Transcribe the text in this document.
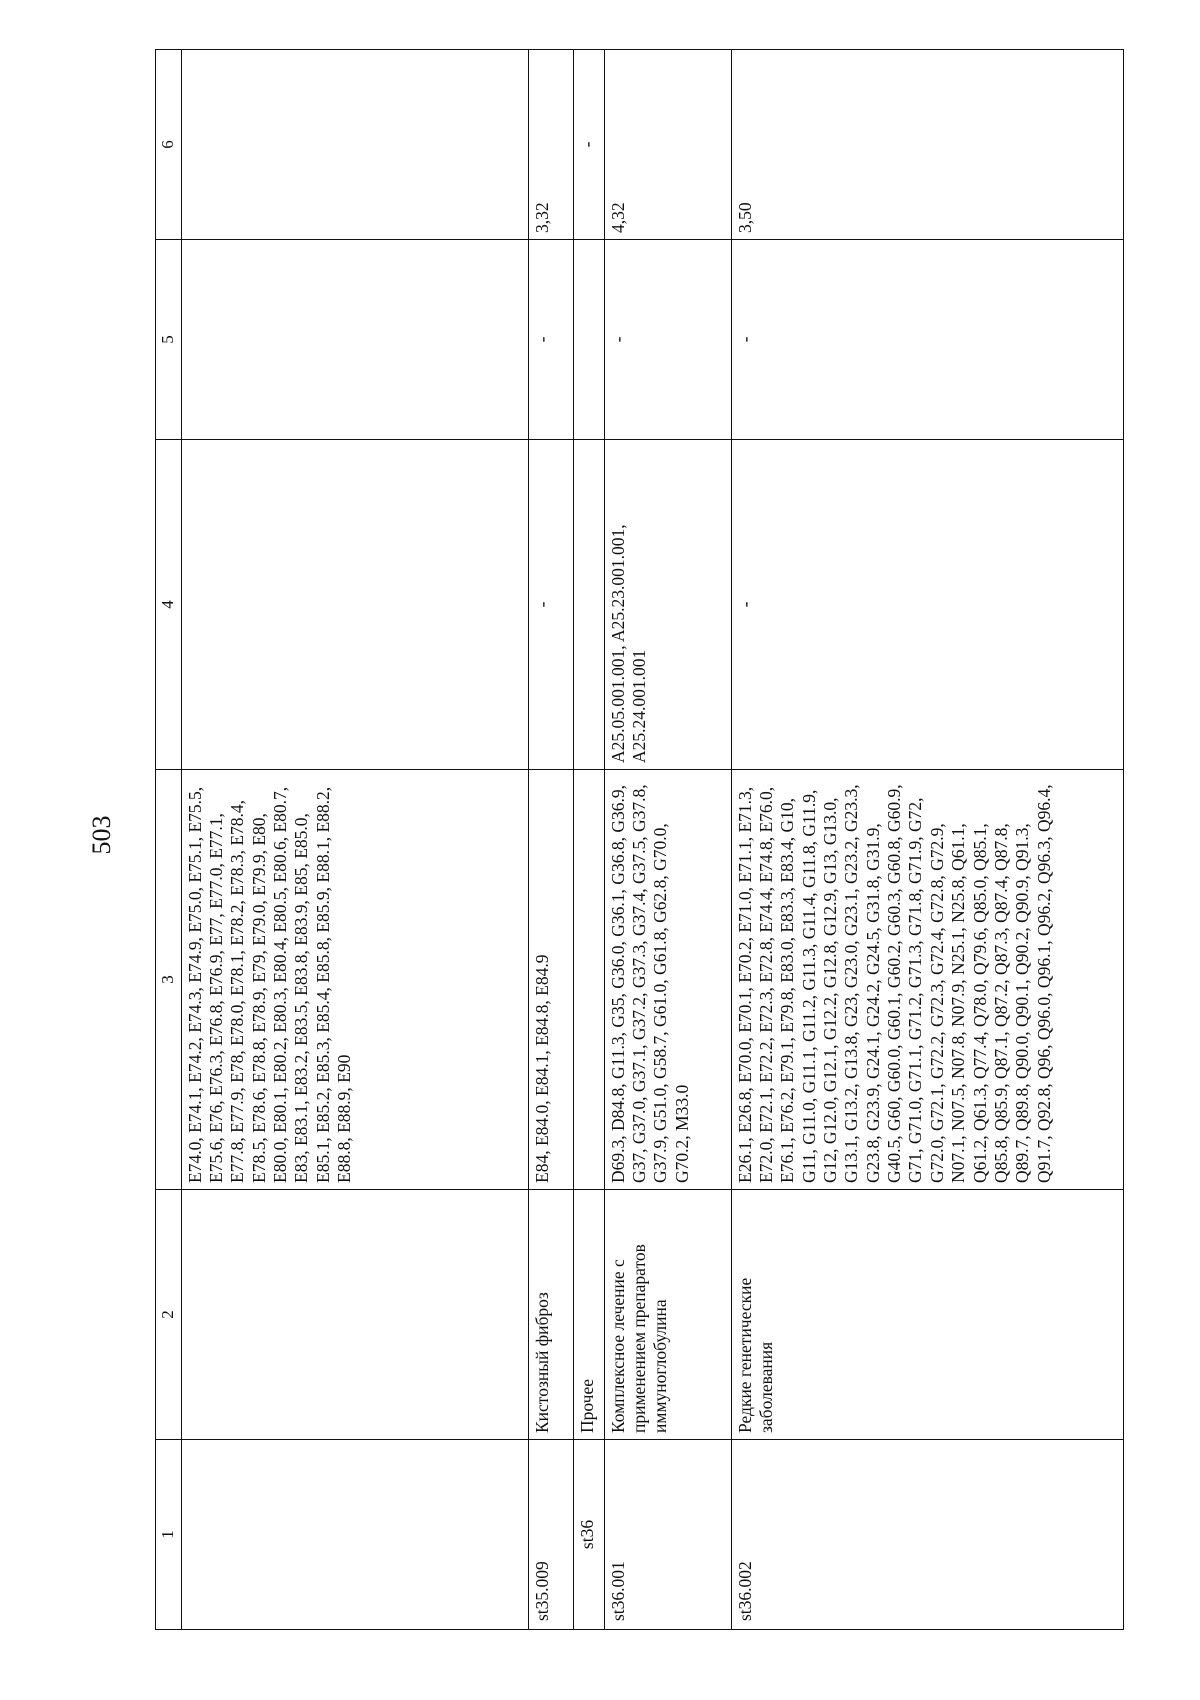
503
1	2	3	4	5	6
		E74.0, E74.1, E74.2, E74.3, E74.9, E75.0, E75.1, E75.5, E75.6, E76, E76.3, E76.8, E76.9, E77, E77.0, E77.1, E77.8, E77.9, E78, E78.0, E78.1, E78.2, E78.3, E78.4, E78.5, E78.6, E78.8, E78.9, E79, E79.0, E79.9, E80, E80.0, E80.1, E80.2, E80.3, E80.4, E80.5, E80.6, E80.7, E83, E83.1, E83.2, E83.5, E83.8, E83.9, E85, E85.0, E85.1, E85.2, E85.3, E85.4, E85.8, E85.9, E88.1, E88.2, E88.8, E88.9, E90			
st35.009	Кистозный фиброз	E84, E84.0, E84.1, E84.8, E84.9	-	-	3,32
st36	Прочее				-
st36.001	Комплексное лечение с применением препаратов иммуноглобулина	D69.3, D84.8, G11.3, G35, G36.0, G36.1, G36.8, G36.9, G37, G37.0, G37.1, G37.2, G37.3, G37.4, G37.5, G37.8, G37.9, G51.0, G58.7, G61.0, G61.8, G62.8, G70.0, G70.2, M33.0	A25.05.001.001, A25.23.001.001, A25.24.001.001	-	4,32
st36.002	Редкие генетические заболевания	E26.1, E26.8, E70.0, E70.1, E70.2, E71.0, E71.1, E71.3, E72.0, E72.1, E72.2, E72.3, E72.8, E74.4, E74.8, E76.0, E76.1, E76.2, E79.1, E79.8, E83.0, E83.3, E83.4, G10, G11, G11.0, G11.1, G11.2, G11.3, G11.4, G11.8, G11.9, G12, G12.0, G12.1, G12.2, G12.8, G12.9, G13, G13.0, G13.1, G13.2, G13.8, G23, G23.0, G23.1, G23.2, G23.3, G23.8, G23.9, G24.1, G24.2, G24.5, G31.8, G31.9, G40.5, G60, G60.0, G60.1, G60.2, G60.3, G60.8, G60.9, G71, G71.0, G71.1, G71.2, G71.3, G71.8, G71.9, G72, G72.0, G72.1, G72.2, G72.3, G72.4, G72.8, G72.9, N07.1, N07.5, N07.8, N07.9, N25.1, N25.8, Q61.1, Q61.2, Q61.3, Q77.4, Q78.0, Q79.6, Q85.0, Q85.1, Q85.8, Q85.9, Q87.1, Q87.2, Q87.3, Q87.4, Q87.8, Q89.7, Q89.8, Q90.0, Q90.1, Q90.2, Q90.9, Q91.3, Q91.7, Q92.8, Q96, Q96.0, Q96.1, Q96.2, Q96.3, Q96.4,	-	-	3,50
